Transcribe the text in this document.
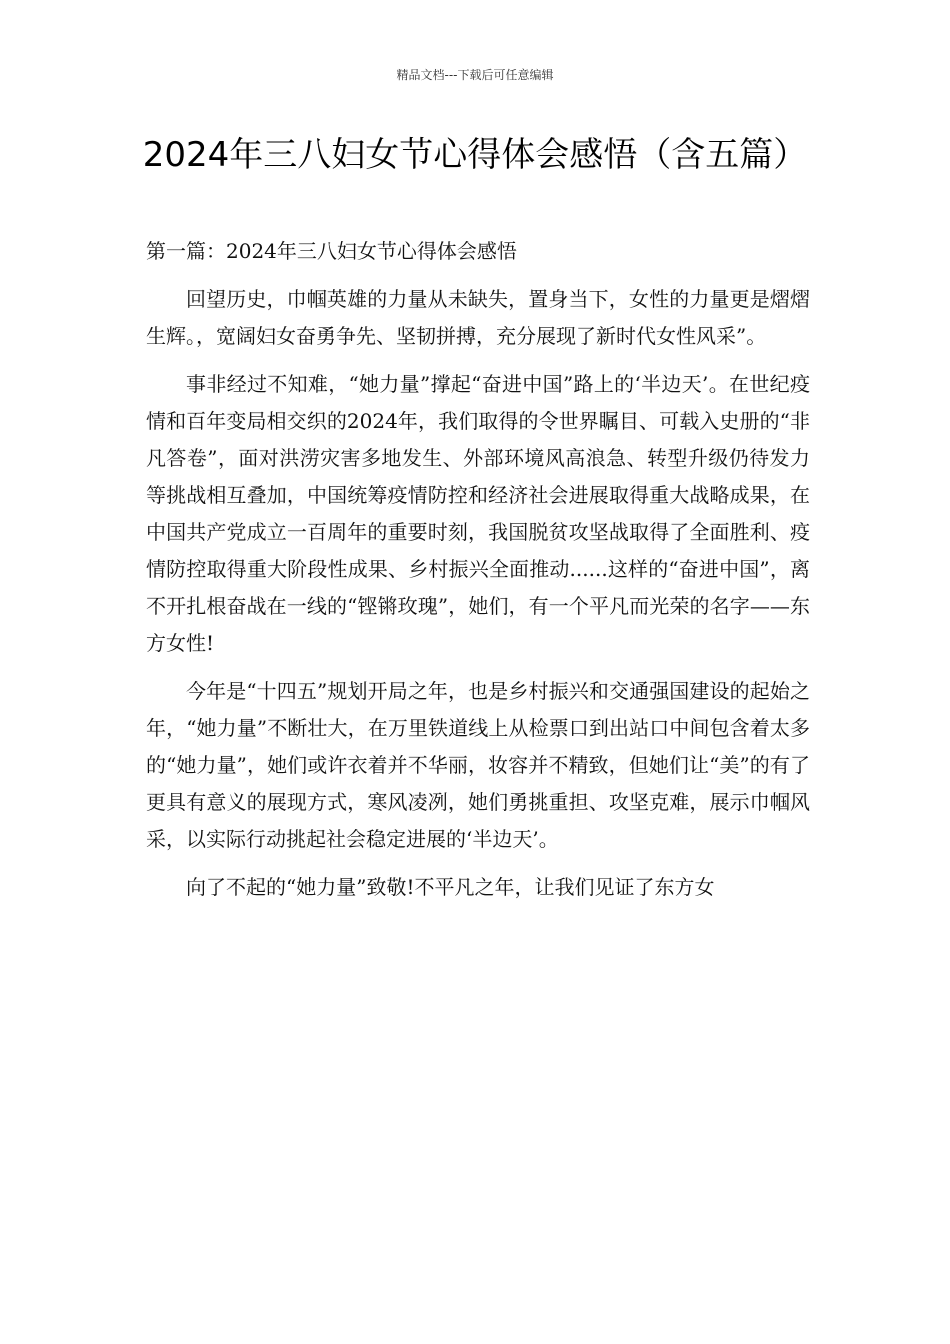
精品文档---下载后可任意编辑
2024年三八妇女节心得体会感悟（含五篇）

第一篇：2024年三八妇女节心得体会感悟

回望历史，巾帼英雄的力量从未缺失，置身当下，女性的力量更是熠熠生辉。，宽阔妇女奋勇争先、坚韧拼搏，充分展现了新时代女性风采”。

事非经过不知难，“她力量”撑起“奋进中国”路上的‘半边天’。在世纪疫情和百年变局相交织的2024年，我们取得的令世界瞩目、可载入史册的“非凡答卷”，面对洪涝灾害多地发生、外部环境风高浪急、转型升级仍待发力等挑战相互叠加，中国统筹疫情防控和经济社会进展取得重大战略成果，在中国共产党成立一百周年的重要时刻，我国脱贫攻坚战取得了全面胜利、疫情防控取得重大阶段性成果、乡村振兴全面推动......这样的“奋进中国”，离不开扎根奋战在一线的“铿锵玫瑰”，她们，有一个平凡而光荣的名字——东方女性!

今年是“十四五”规划开局之年，也是乡村振兴和交通强国建设的起始之年，“她力量”不断壮大，在万里铁道线上从检票口到出站口中间包含着太多的“她力量”，她们或许衣着并不华丽，妆容并不精致，但她们让“美”的有了更具有意义的展现方式，寒风凌冽，她们勇挑重担、攻坚克难，展示巾帼风采，以实际行动挑起社会稳定进展的‘半边天’。

向了不起的“她力量”致敬!不平凡之年，让我们见证了东方女
